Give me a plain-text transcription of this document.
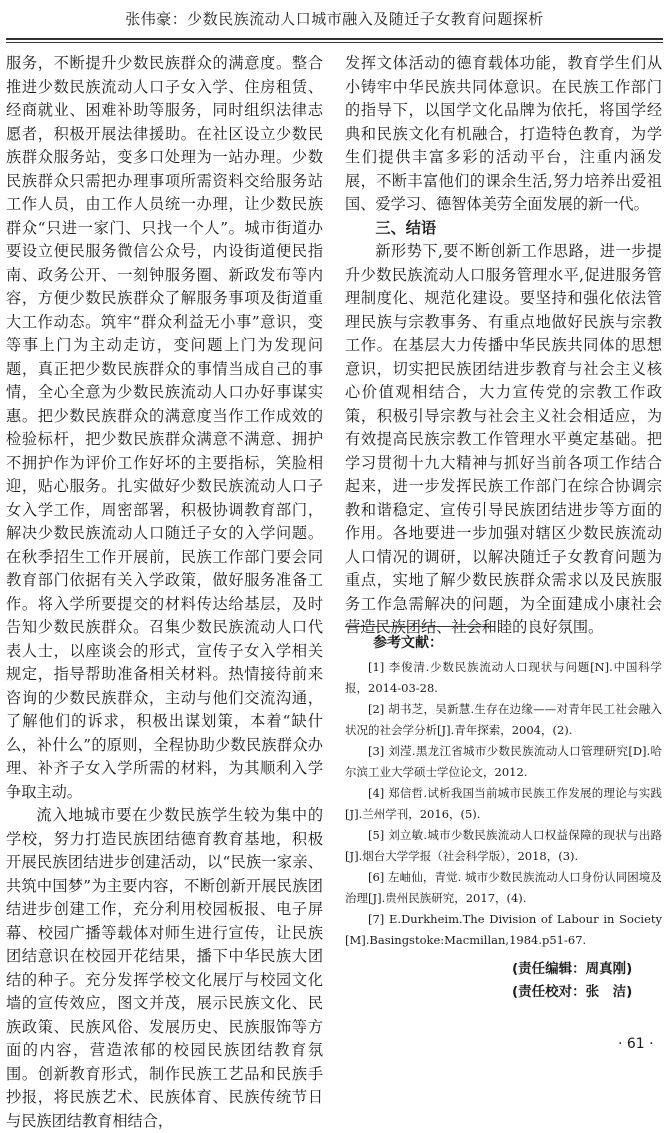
张伟豪：少数民族流动人口城市融入及随迁子女教育问题探析

服务，不断提升少数民族群众的满意度。整合推进少数民族流动人口子女入学、住房租赁、经商就业、困难补助等服务，同时组织法律志愿者，积极开展法律援助。在社区设立少数民族群众服务站，变多口处理为一站办理。少数民族群众只需把办理事项所需资料交给服务站工作人员，由工作人员统一办理，让少数民族群众“只进一家门、只找一个人”。城市街道办要设立便民服务微信公众号，内设街道便民指南、政务公开、一刻钟服务圈、新政发布等内容，方便少数民族群众了解服务事项及街道重大工作动态。筑牢“群众利益无小事”意识，变等事上门为主动走访，变问题上门为发现问题，真正把少数民族群众的事情当成自己的事情，全心全意为少数民族流动人口办好事谋实惠。把少数民族群众的满意度当作工作成效的检验标杆，把少数民族群众满意不满意、拥护不拥护作为评价工作好坏的主要指标，笑脸相迎，贴心服务。扎实做好少数民族流动人口子女入学工作，周密部署，积极协调教育部门，解决少数民族流动人口随迁子女的入学问题。在秋季招生工作开展前，民族工作部门要会同教育部门依据有关入学政策，做好服务准备工作。将入学所要提交的材料传达给基层，及时告知少数民族群众。召集少数民族流动人口代表人士，以座谈会的形式，宣传子女入学相关规定，指导帮助准备相关材料。热情接待前来咨询的少数民族群众，主动与他们交流沟通，了解他们的诉求，积极出谋划策，本着“缺什么，补什么”的原则，全程协助少数民族群众办理、补齐子女入学所需的材料，为其顺利入学争取主动。

流入地城市要在少数民族学生较为集中的学校，努力打造民族团结德育教育基地，积极开展民族团结进步创建活动，以“民族一家亲、共筑中国梦”为主要内容，不断创新开展民族团结进步创建工作，充分利用校园板报、电子屏幕、校园广播等载体对师生进行宣传，让民族团结意识在校园开花结果，播下中华民族大团结的种子。充分发挥学校文化展厅与校园文化墙的宣传效应，图文并茂，展示民族文化、民族政策、民族风俗、发展历史、民族服饰等方面的内容，营造浓郁的校园民族团结教育氛围。创新教育形式，制作民族工艺品和民族手抄报，将民族艺术、民族体育、民族传统节日与民族团结教育相结合，

发挥文体活动的德育载体功能，教育学生们从小铸牢中华民族共同体意识。在民族工作部门的指导下，以国学文化品牌为依托，将国学经典和民族文化有机融合，打造特色教育，为学生们提供丰富多彩的活动平台，注重内涵发展，不断丰富他们的课余生活,努力培养出爱祖国、爱学习、德智体美劳全面发展的新一代。

三、结语

新形势下,要不断创新工作思路，进一步提升少数民族流动人口服务管理水平,促进服务管理制度化、规范化建设。要坚持和强化依法管理民族与宗教事务、有重点地做好民族与宗教工作。在基层大力传播中华民族共同体的思想意识，切实把民族团结进步教育与社会主义核心价值观相结合，大力宣传党的宗教工作政策，积极引导宗教与社会主义社会相适应，为有效提高民族宗教工作管理水平奠定基础。把学习贯彻十九大精神与抓好当前各项工作结合起来，进一步发挥民族工作部门在综合协调宗教和谐稳定、宣传引导民族团结进步等方面的作用。各地要进一步加强对辖区少数民族流动人口情况的调研，以解决随迁子女教育问题为重点，实地了解少数民族群众需求以及民族服务工作急需解决的问题，为全面建成小康社会营造民族团结、社会和睦的良好氛围。

参考文献：

[1] 李俊清.少数民族流动人口现状与问题[N].中国科学报，2014-03-28.

[2] 胡书芝，吴新慧.生存在边缘——对青年民工社会融入状况的社会学分析[J].青年探索，2004，(2).

[3] 刘滢.黑龙江省城市少数民族流动人口管理研究[D].哈尔滨工业大学硕士学位论文，2012.

[4] 郑信哲.试析我国当前城市民族工作发展的理论与实践[J].兰州学刊，2016，(5).

[5] 刘立敏.城市少数民族流动人口权益保障的现状与出路[J].烟台大学学报（社会科学版），2018，(3).

[6] 左岫仙，青觉. 城市少数民族流动人口身份认同困境及治理[J].贵州民族研究，2017，(4).

[7] E.Durkheim.The Division of Labour in Society [M].Basingstoke:Macmillan,1984.p51-67.

(责任编辑：周真刚)
(责任校对：张　洁)
· 61 ·
